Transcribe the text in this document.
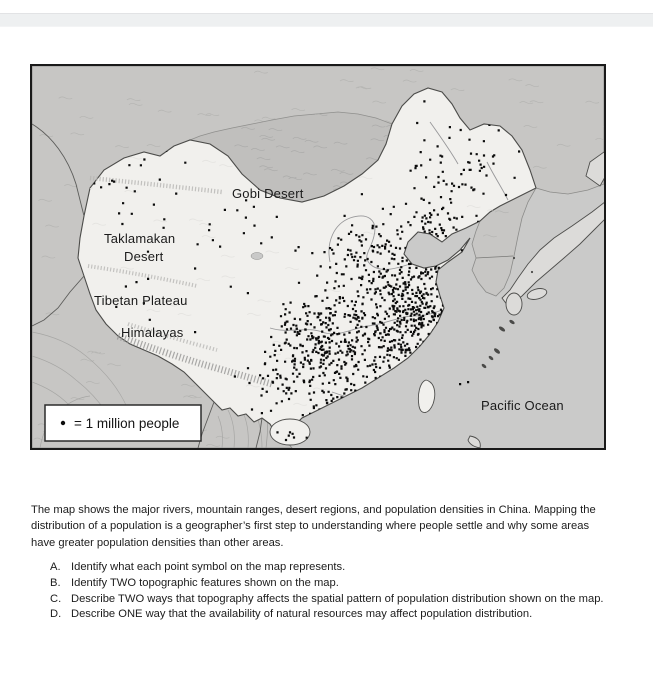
Gobi Desert
Taklamakan
Desert
Tibetan Plateau
Himalayas
Pacific Ocean
= 1 million people
The map shows the major rivers, mountain ranges, desert regions, and population densities in China. Mapping the distribution of a population is a geographer’s first step to understanding where people settle and why some areas have greater population densities than other areas.
A. Identify what each point symbol on the map represents.
B. Identify TWO topographic features shown on the map.
C. Describe TWO ways that topography affects the spatial pattern of population distribution shown on the map.
D. Describe ONE way that the availability of natural resources may affect population distribution.
